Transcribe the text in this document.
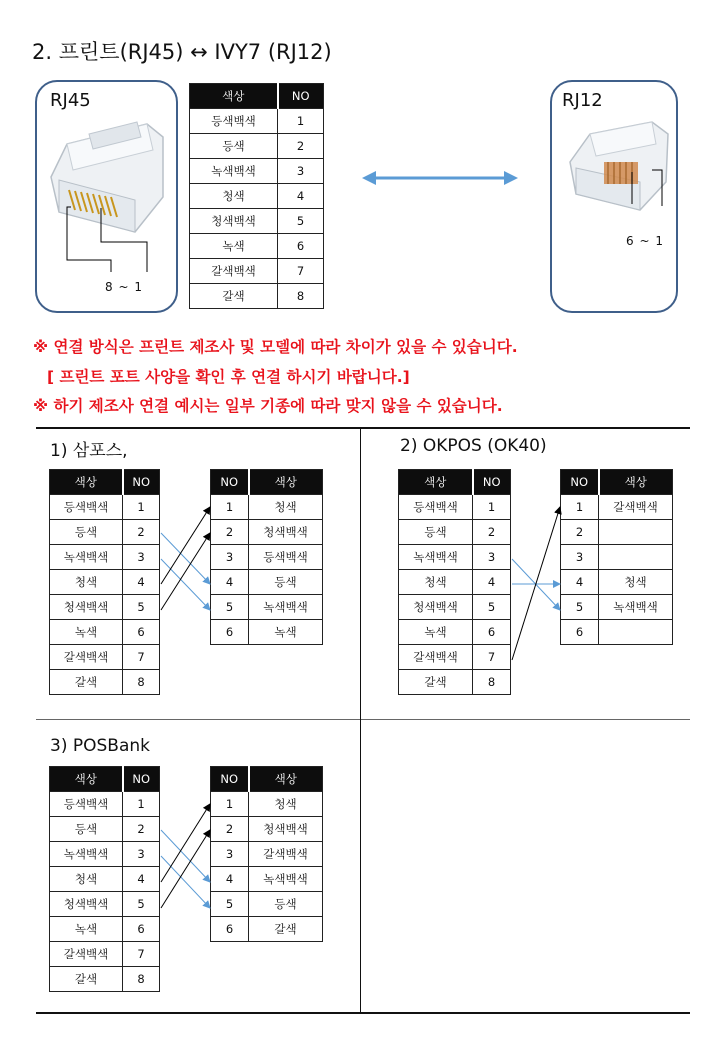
2. 프린트(RJ45) ↔ IVY7 (RJ12)
RJ45
8 ~ 1
색상	NO
등색백색	1
등색	2
녹색백색	3
청색	4
청색백색	5
녹색	6
갈색백색	7
갈색	8
RJ12
6 ~ 1
※ 연결 방식은 프린트 제조사 및 모델에 따라 차이가 있을 수 있습니다.
[ 프린트 포트 사양을 확인 후 연결 하시기 바랍니다.]
※ 하기 제조사 연결 예시는 일부 기종에 따라 맞지 않을 수 있습니다.
1) 삼포스,
색상	NO
등색백색	1
등색	2
녹색백색	3
청색	4
청색백색	5
녹색	6
갈색백색	7
갈색	8
NO	색상
1	청색
2	청색백색
3	등색백색
4	등색
5	녹색백색
6	녹색
2) OKPOS (OK40)
색상	NO
등색백색	1
등색	2
녹색백색	3
청색	4
청색백색	5
녹색	6
갈색백색	7
갈색	8
NO	색상
1	갈색백색
2	
3	
4	청색
5	녹색백색
6	
3) POSBank
색상	NO
등색백색	1
등색	2
녹색백색	3
청색	4
청색백색	5
녹색	6
갈색백색	7
갈색	8
NO	색상
1	청색
2	청색백색
3	갈색백색
4	녹색백색
5	등색
6	갈색
